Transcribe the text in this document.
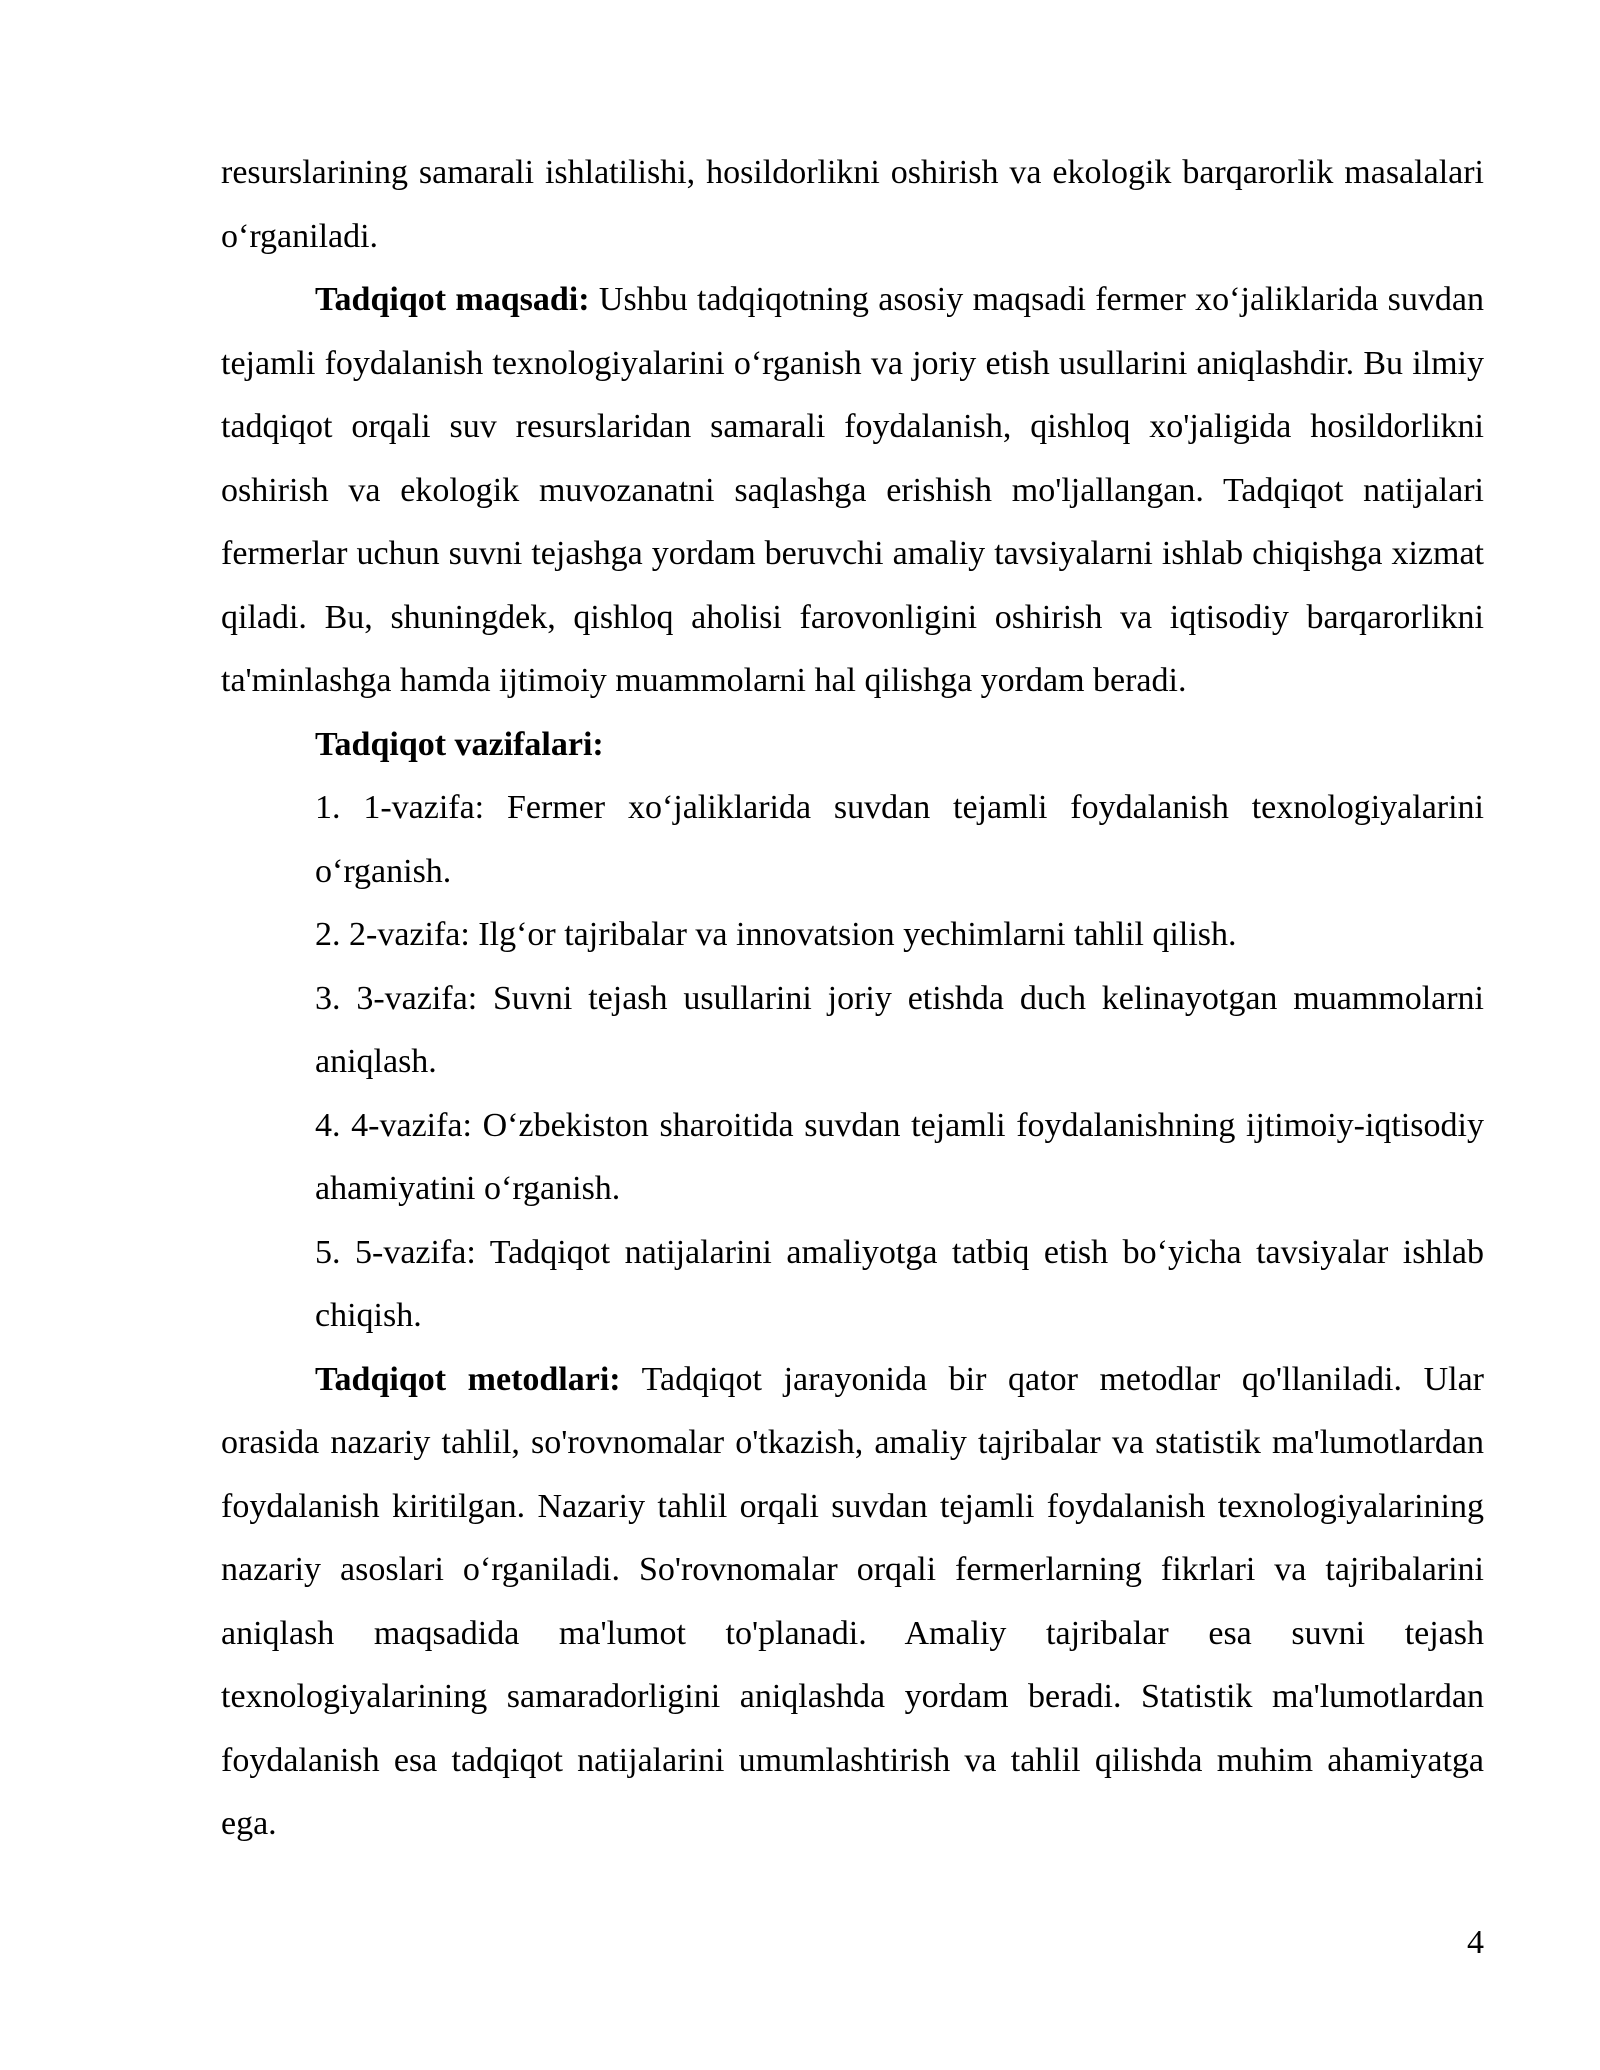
resurslarining samarali ishlatilishi, hosildorlikni oshirish va ekologik barqarorlik masalalari o‘rganiladi.

Tadqiqot maqsadi: Ushbu tadqiqotning asosiy maqsadi fermer xo‘jaliklarida suvdan tejamli foydalanish texnologiyalarini o‘rganish va joriy etish usullarini aniqlashdir. Bu ilmiy tadqiqot orqali suv resurslaridan samarali foydalanish, qishloq xo'jaligida hosildorlikni oshirish va ekologik muvozanatni saqlashga erishish mo'ljallangan. Tadqiqot natijalari fermerlar uchun suvni tejashga yordam beruvchi amaliy tavsiyalarni ishlab chiqishga xizmat qiladi. Bu, shuningdek, qishloq aholisi farovonligini oshirish va iqtisodiy barqarorlikni ta'minlashga hamda ijtimoiy muammolarni hal qilishga yordam beradi.

Tadqiqot vazifalari:

1. 1-vazifa: Fermer xo‘jaliklarida suvdan tejamli foydalanish texnologiyalarini o‘rganish.

2. 2-vazifa: Ilg‘or tajribalar va innovatsion yechimlarni tahlil qilish.

3. 3-vazifa: Suvni tejash usullarini joriy etishda duch kelinayotgan muammolarni aniqlash.

4. 4-vazifa: O‘zbekiston sharoitida suvdan tejamli foydalanishning ijtimoiy-iqtisodiy ahamiyatini o‘rganish.

5. 5-vazifa: Tadqiqot natijalarini amaliyotga tatbiq etish bo‘yicha tavsiyalar ishlab chiqish.

Tadqiqot metodlari: Tadqiqot jarayonida bir qator metodlar qo'llaniladi. Ular orasida nazariy tahlil, so'rovnomalar o'tkazish, amaliy tajribalar va statistik ma'lumotlardan foydalanish kiritilgan. Nazariy tahlil orqali suvdan tejamli foydalanish texnologiyalarining nazariy asoslari o‘rganiladi. So'rovnomalar orqali fermerlarning fikrlari va tajribalarini aniqlash maqsadida ma'lumot to'planadi. Amaliy tajribalar esa suvni tejash texnologiyalarining samaradorligini aniqlashda yordam beradi. Statistik ma'lumotlardan foydalanish esa tadqiqot natijalarini umumlashtirish va tahlil qilishda muhim ahamiyatga ega.

4
